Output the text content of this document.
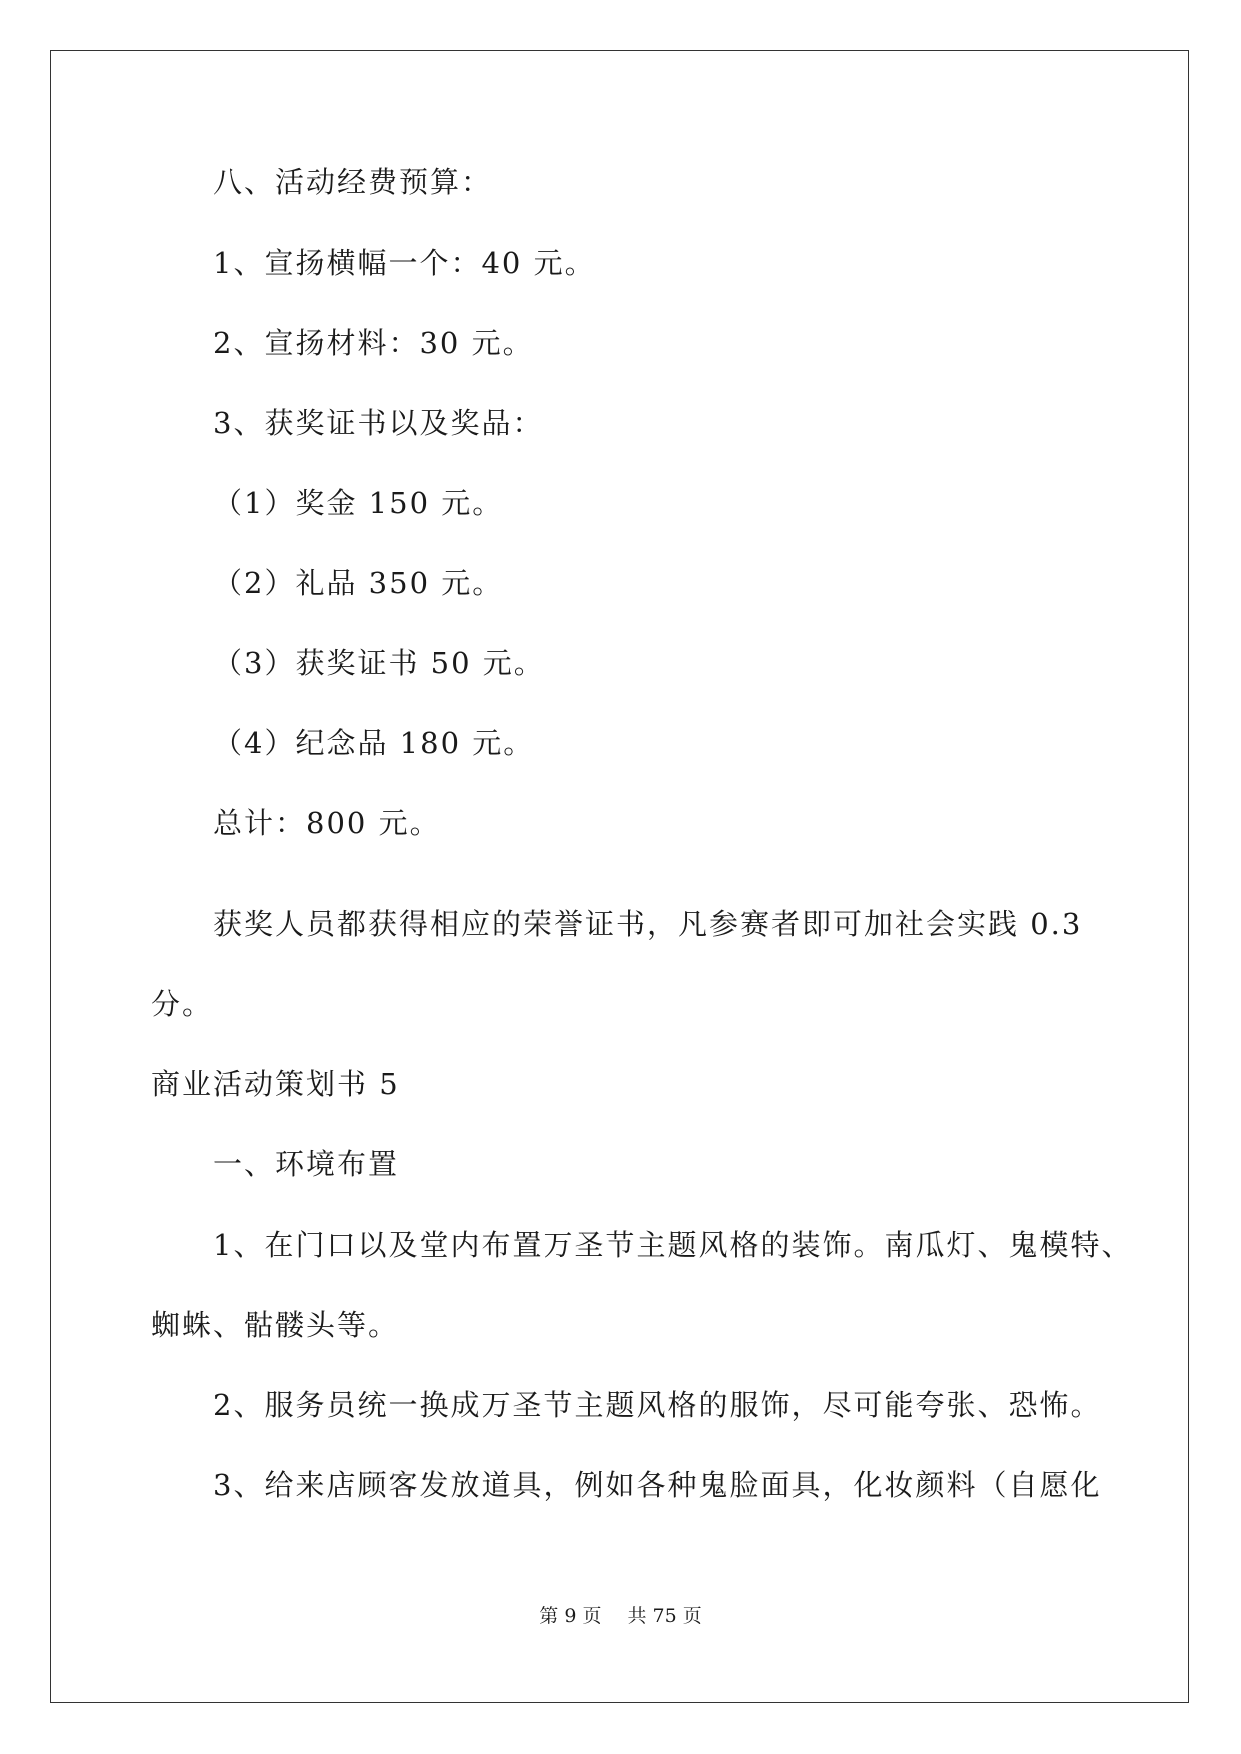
八、活动经费预算：
1、宣扬横幅一个：40 元。
2、宣扬材料：30 元。
3、获奖证书以及奖品：
（1）奖金 150 元。
（2）礼品 350 元。
（3）获奖证书 50 元。
（4）纪念品 180 元。
总计：800 元。
获奖人员都获得相应的荣誉证书，凡参赛者即可加社会实践 0.3
分。
商业活动策划书 5
一、环境布置
1、在门口以及堂内布置万圣节主题风格的装饰。南瓜灯、鬼模特、
蜘蛛、骷髅头等。
2、服务员统一换成万圣节主题风格的服饰，尽可能夸张、恐怖。
3、给来店顾客发放道具，例如各种鬼脸面具，化妆颜料（自愿化
第 9 页 共 75 页
